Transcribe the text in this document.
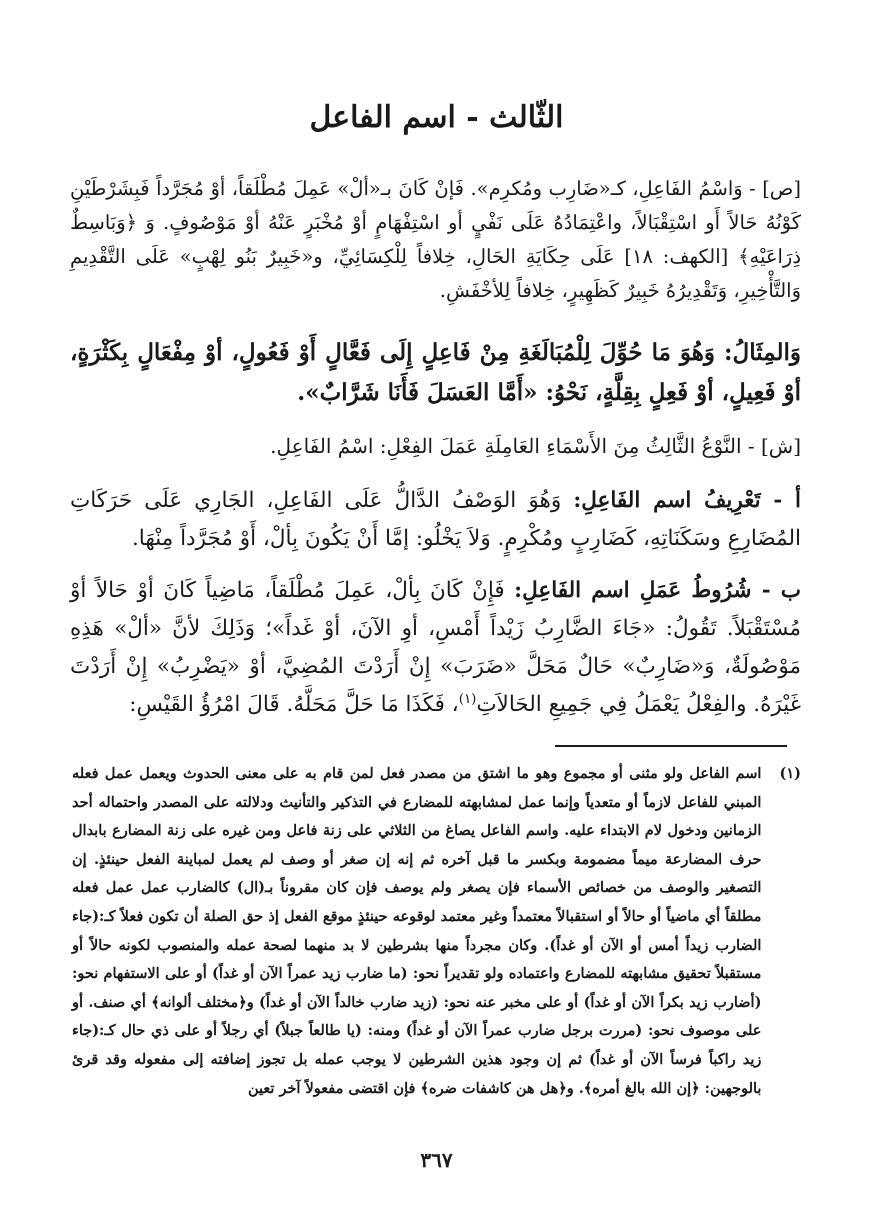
الثّالث - اسم الفاعل

[ص] - وَاسْمُ الفَاعِلِ، كـ«ضَارِب ومُكرِم». فَإنْ كَانَ بـ«ألْ» عَمِلَ مُطْلَقاً، أوْ مُجَرَّداً فَبِشَرْطَيْنِ كَوْنُهُ حَالاً أَو اسْتِقْبَالاً، واعْتِمَادُهُ عَلَى نَفْيٍ أو اسْتِفْهَامٍ أوْ مُخْبَرٍ عَنْهُ أوْ مَوْصُوفٍ. وَ ﴿وَبَاسِطٌ ذِرَاعَيْهِ﴾ [الكهف: ١٨] عَلَى حِكَايَةِ الحَالِ، خِلافاً لِلْكِسَائِيِّ، و«خَبِيرٌ بَنُو لِهْبٍ» عَلَى التَّقْدِيمِ وَالتَّأْخِيرِ، وَتَقْدِيرُهُ خَبِيرٌ كَظَهِيرٍ، خِلافاً لِلأخْفَشِ.

وَالمِثَالُ: وَهُوَ مَا حُوِّلَ لِلْمُبَالَغَةِ مِنْ فَاعِلٍ إِلَى فَعَّالٍ أَوْ فَعُولٍ، أوْ مِفْعَالٍ بِكَثْرَةٍ، أوْ فَعِيلٍ، أوْ فَعِلٍ بِقِلَّةٍ، نَحْوُ: «أَمَّا العَسَلَ فَأَنَا شَرَّابٌ».

[ش] - النَّوْعُ الثَّالِثُ مِنَ الأَسْمَاءِ العَامِلَةِ عَمَلَ الفِعْلِ: اسْمُ الفَاعِلِ.

أ - تَعْرِيفُ اسم الفَاعِلِ: وَهُوَ الوَصْفُ الدَّالُّ عَلَى الفَاعِلِ، الجَارِي عَلَى حَرَكَاتِ المُضَارِعِ وسَكَنَاتِهِ، كَضَارِبٍ ومُكْرِمٍ. وَلاَ يَخْلُو: إمَّا أَنْ يَكُونَ بِألْ، أَوْ مُجَرَّداً مِنْهَا.

ب - شُرُوطُ عَمَلِ اسم الفَاعِلِ: فَإِنْ كَانَ بِألْ، عَمِلَ مُطْلَقاً، مَاضِياً كَانَ أوْ حَالاً أوْ مُسْتَقْبَلاً. تَقُولُ: «جَاءَ الضَّارِبُ زَيْداً أَمْسِ، أوِ الآنَ، أوْ غَداً»؛ وَذَلِكَ لأنَّ «ألْ» هَذِهِ مَوْصُولَةٌ، وَ«ضَارِبٌ» حَالٌ مَحَلَّ «ضَرَبَ» إِنْ أَرَدْتَ المُضِيَّ، أوْ «يَضْرِبُ» إِنْ أَرَدْتَ غَيْرَهُ. والفِعْلُ يَعْمَلُ فِي جَمِيعِ الحَالاَتِ$^{(١)}$، فَكَذَا مَا حَلَّ مَحَلَّهُ. قَالَ امْرُؤُ القَيْسِ:

(١)
اسم الفاعل ولو مثنى أو مجموع وهو ما اشتق من مصدر فعل لمن قام به على معنى الحدوث ويعمل عمل فعله المبني للفاعل لازماً أو متعدياً وإنما عمل لمشابهته للمضارع في التذكير والتأنيث ودلالته على المصدر واحتماله أحد الزمانين ودخول لام الابتداء عليه. واسم الفاعل يصاغ من الثلاثي على زنة فاعل ومن غيره على زنة المضارع بابدال حرف المضارعة ميماً مضمومة وبكسر ما قبل آخره ثم إنه إن صغر أو وصف لم يعمل لمباينة الفعل حينئذٍ. إن التصغير والوصف من خصائص الأسماء فإن يصغر ولم يوصف فإن كان مقروناً بـ(ال) كالضارب عمل عمل فعله مطلقاً أي ماضياً أو حالاً أو استقبالاً معتمداً وغير معتمد لوقوعه حينئذٍ موقع الفعل إذ حق الصلة أن تكون فعلاً كـ:(جاء الضارب زيداً أمس أو الآن أو غداً). وكان مجرداً منها بشرطين لا بد منهما لصحة عمله والمنصوب لكونه حالاً أو مستقبلاً تحقيق مشابهته للمضارع واعتماده ولو تقديراً نحو: (ما ضارب زيد عمراً الآن أو غداً) أو على الاستفهام نحو: (أضارب زيد بكراً الآن أو غداً) أو على مخبر عنه نحو: (زيد ضارب خالداً الآن أو غداً) و﴿مختلف ألوانه﴾ أي صنف. أو على موصوف نحو: (مررت برجل ضارب عمراً الآن أو غداً) ومنه: (يا طالعاً جبلاً) أي رجلاً أو على ذي حال كـ:(جاء زيد راكباً فرساً الآن أو غداً) ثم إن وجود هذين الشرطين لا يوجب عمله بل تجوز إضافته إلى مفعوله وقد قرئ بالوجهين: ﴿إن الله بالغ أمره﴾. و﴿هل هن كاشفات ضره﴾ فإن اقتضى مفعولاً آخر تعين
٣٦٧
